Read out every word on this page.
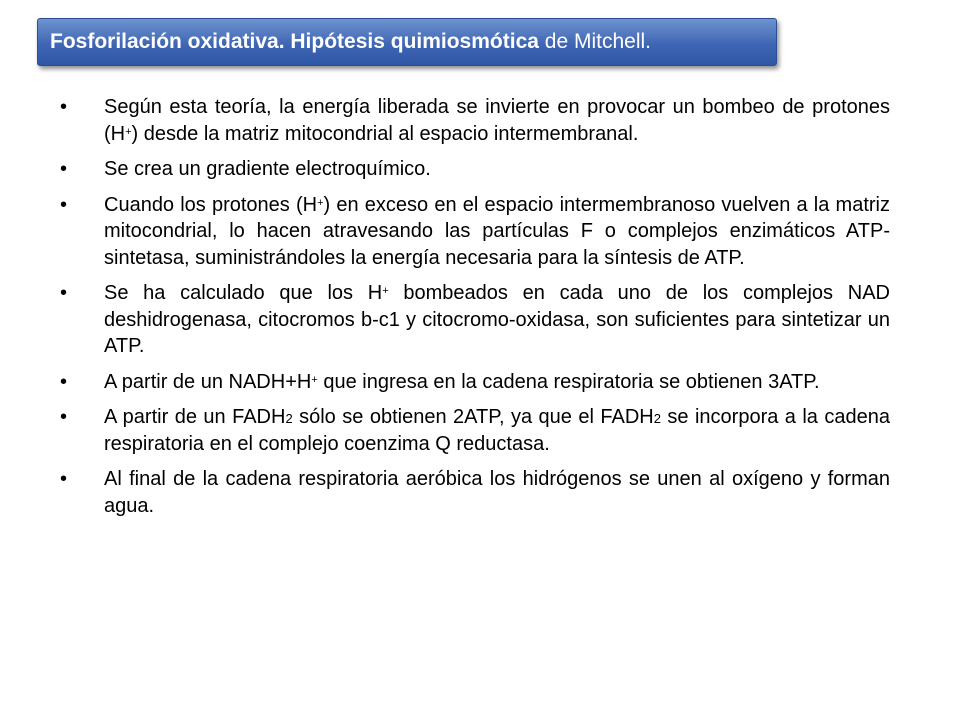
Fosforilación oxidativa. Hipótesis quimiosmótica de Mitchell.
•	Según esta teoría, la energía liberada se invierte en provocar un bombeo de protones (H+) desde la matriz mitocondrial al espacio intermembranal.
•	Se crea un gradiente electroquímico.
•	Cuando los protones (H+) en exceso en el espacio intermembranoso vuelven a la matriz mitocondrial, lo hacen atravesando las partículas F o complejos enzimáticos ATP-sintetasa, suministrándoles la energía necesaria para la síntesis de ATP.
•	Se ha calculado que los H+ bombeados en cada uno de los complejos NAD deshidrogenasa, citocromos b-c1 y citocromo-oxidasa, son suficientes para sintetizar un ATP.
•	A partir de un NADH+H+ que ingresa en la cadena respiratoria se obtienen 3ATP.
•	A partir de un $FADH_2$ sólo se obtienen 2ATP, ya que el $FADH_2$ se incorpora a la cadena respiratoria en el complejo coenzima Q reductasa.
•	Al final de la cadena respiratoria aeróbica los hidrógenos se unen al oxígeno y forman agua.
